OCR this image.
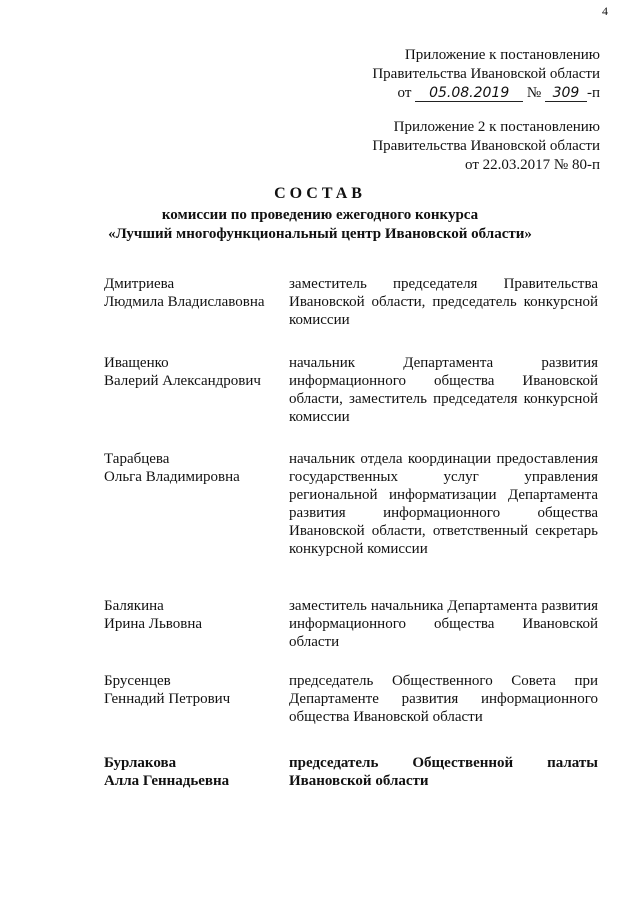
4
Приложение к постановлению
Правительства Ивановской области
от 05.08.2019 № 309 -п
Приложение 2 к постановлению
Правительства Ивановской области
от 22.03.2017 № 80-п
СОСТАВ
комиссии по проведению ежегодного конкурса
«Лучший многофункциональный центр Ивановской области»
Дмитриева
Людмила Владиславовна
заместитель председателя Правительства Ивановской области, председатель конкурсной комиссии
Иващенко
Валерий Александрович
начальник Департамента развития информационного общества Ивановской области, заместитель председателя конкурсной комиссии
Тарабцева
Ольга Владимировна
начальник отдела координации предоставления государственных услуг управления региональной информатизации Департамента развития информационного общества Ивановской области, ответственный секретарь конкурсной комиссии
Балякина
Ирина Львовна
заместитель начальника Департамента развития информационного общества Ивановской области
Брусенцев
Геннадий Петрович
председатель Общественного Совета при Департаменте развития информационного общества Ивановской области
Бурлакова
Алла Геннадьевна
председатель Общественной палаты Ивановской области
